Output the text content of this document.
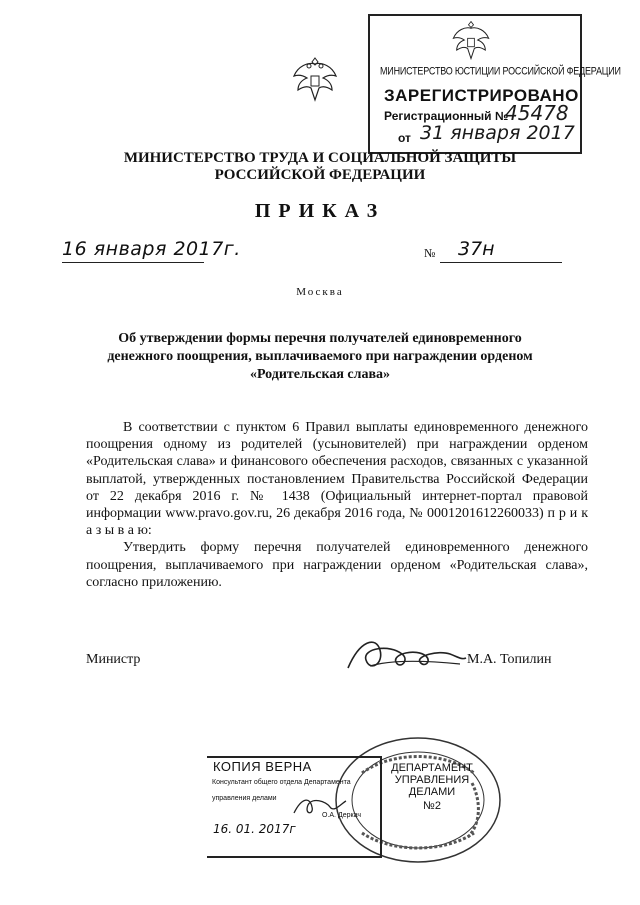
МИНИСТЕРСТВО ЮСТИЦИИ РОССИЙСКОЙ ФЕДЕРАЦИИ
ЗАРЕГИСТРИРОВАНО
Регистрационный №
45478
от 31 января 2017
МИНИСТЕРСТВО ТРУДА И СОЦИАЛЬНОЙ ЗАЩИТЫ
РОССИЙСКОЙ ФЕДЕРАЦИИ
ПРИКАЗ
16 января 2017г.	№ 37н
Москва
Об утверждении формы перечня получателей единовременного
денежного поощрения, выплачиваемого при награждении орденом
«Родительская слава»

В соответствии с пунктом 6 Правил выплаты единовременного денежного поощрения одному из родителей (усыновителей) при награждении орденом «Родительская слава» и финансового обеспечения расходов, связанных с указанной выплатой, утвержденных постановлением Правительства Российской Федерации от 22 декабря 2016 г. № 1438 (Официальный интернет-портал правовой информации www.pravo.gov.ru, 26 декабря 2016 года, № 0001201612260033) п р и к а з ы в а ю:

Утвердить форму перечня получателей единовременного денежного поощрения, выплачиваемого при награждении орденом «Родительская слава», согласно приложению.

Министр	М.А. Топилин
КОПИЯ ВЕРНА
Консультант общего отдела Департамента
управления делами
О.А. Деркач
16. 01. 2017г
ДЕПАРТАМЕНТ
УПРАВЛЕНИЯ
ДЕЛАМИ
№2
